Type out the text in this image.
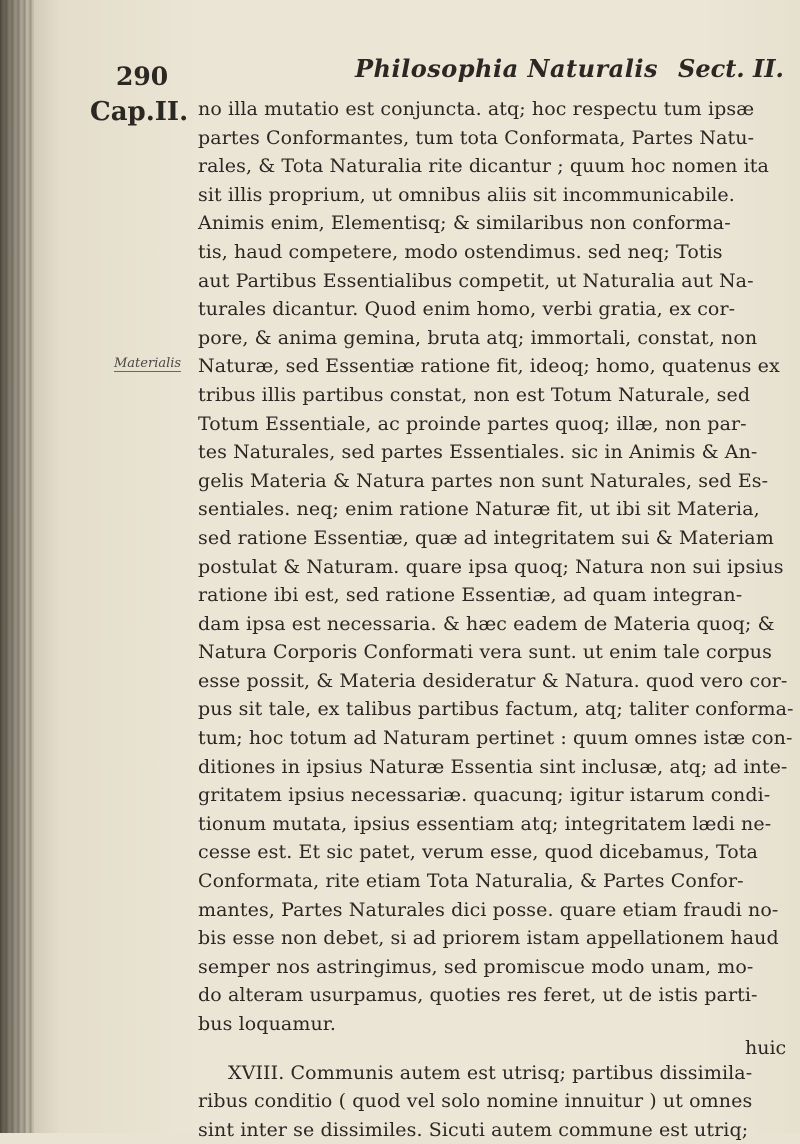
290	Philosophia Naturalis Sect. II.
Cap.II.
Materialis
no illa mutatio est conjuncta. atq; hoc respectu tum ipsæ
partes Conformantes, tum tota Conformata, Partes Natu-
rales, & Tota Naturalia rite dicantur ; quum hoc nomen ita
sit illis proprium, ut omnibus aliis sit incommunicabile.
Animis enim, Elementisq; & similaribus non conforma-
tis, haud competere, modo ostendimus. sed neq; Totis
aut Partibus Essentialibus competit, ut Naturalia aut Na-
turales dicantur. Quod enim homo, verbi gratia, ex cor-
pore, & anima gemina, bruta atq; immortali, constat, non
Naturæ, sed Essentiæ ratione fit, ideoq; homo, quatenus ex
tribus illis partibus constat, non est Totum Naturale, sed
Totum Essentiale, ac proinde partes quoq; illæ, non par-
tes Naturales, sed partes Essentiales. sic in Animis & An-
gelis Materia & Natura partes non sunt Naturales, sed Es-
sentiales. neq; enim ratione Naturæ fit, ut ibi sit Materia,
sed ratione Essentiæ, quæ ad integritatem sui & Materiam
postulat & Naturam. quare ipsa quoq; Natura non sui ipsius
ratione ibi est, sed ratione Essentiæ, ad quam integran-
dam ipsa est necessaria. & hæc eadem de Materia quoq; &
Natura Corporis Conformati vera sunt. ut enim tale corpus
esse possit, & Materia desideratur & Natura. quod vero cor-
pus sit tale, ex talibus partibus factum, atq; taliter conforma-
tum; hoc totum ad Naturam pertinet : quum omnes istæ con-
ditiones in ipsius Naturæ Essentia sint inclusæ, atq; ad inte-
gritatem ipsius necessariæ. quacunq; igitur istarum condi-
tionum mutata, ipsius essentiam atq; integritatem lædi ne-
cesse est. Et sic patet, verum esse, quod dicebamus, Tota
Conformata, rite etiam Tota Naturalia, & Partes Confor-
mantes, Partes Naturales dici posse. quare etiam fraudi no-
bis esse non debet, si ad priorem istam appellationem haud
semper nos astringimus, sed promiscue modo unam, mo-
do alteram usurpamus, quoties res feret, ut de istis parti-
bus loquamur.
XVIII. Communis autem est utrisq; partibus dissimila-
ribus conditio ( quod vel solo nomine innuitur ) ut omnes
sint inter se dissimiles. Sicuti autem commune est utriq;
huic
